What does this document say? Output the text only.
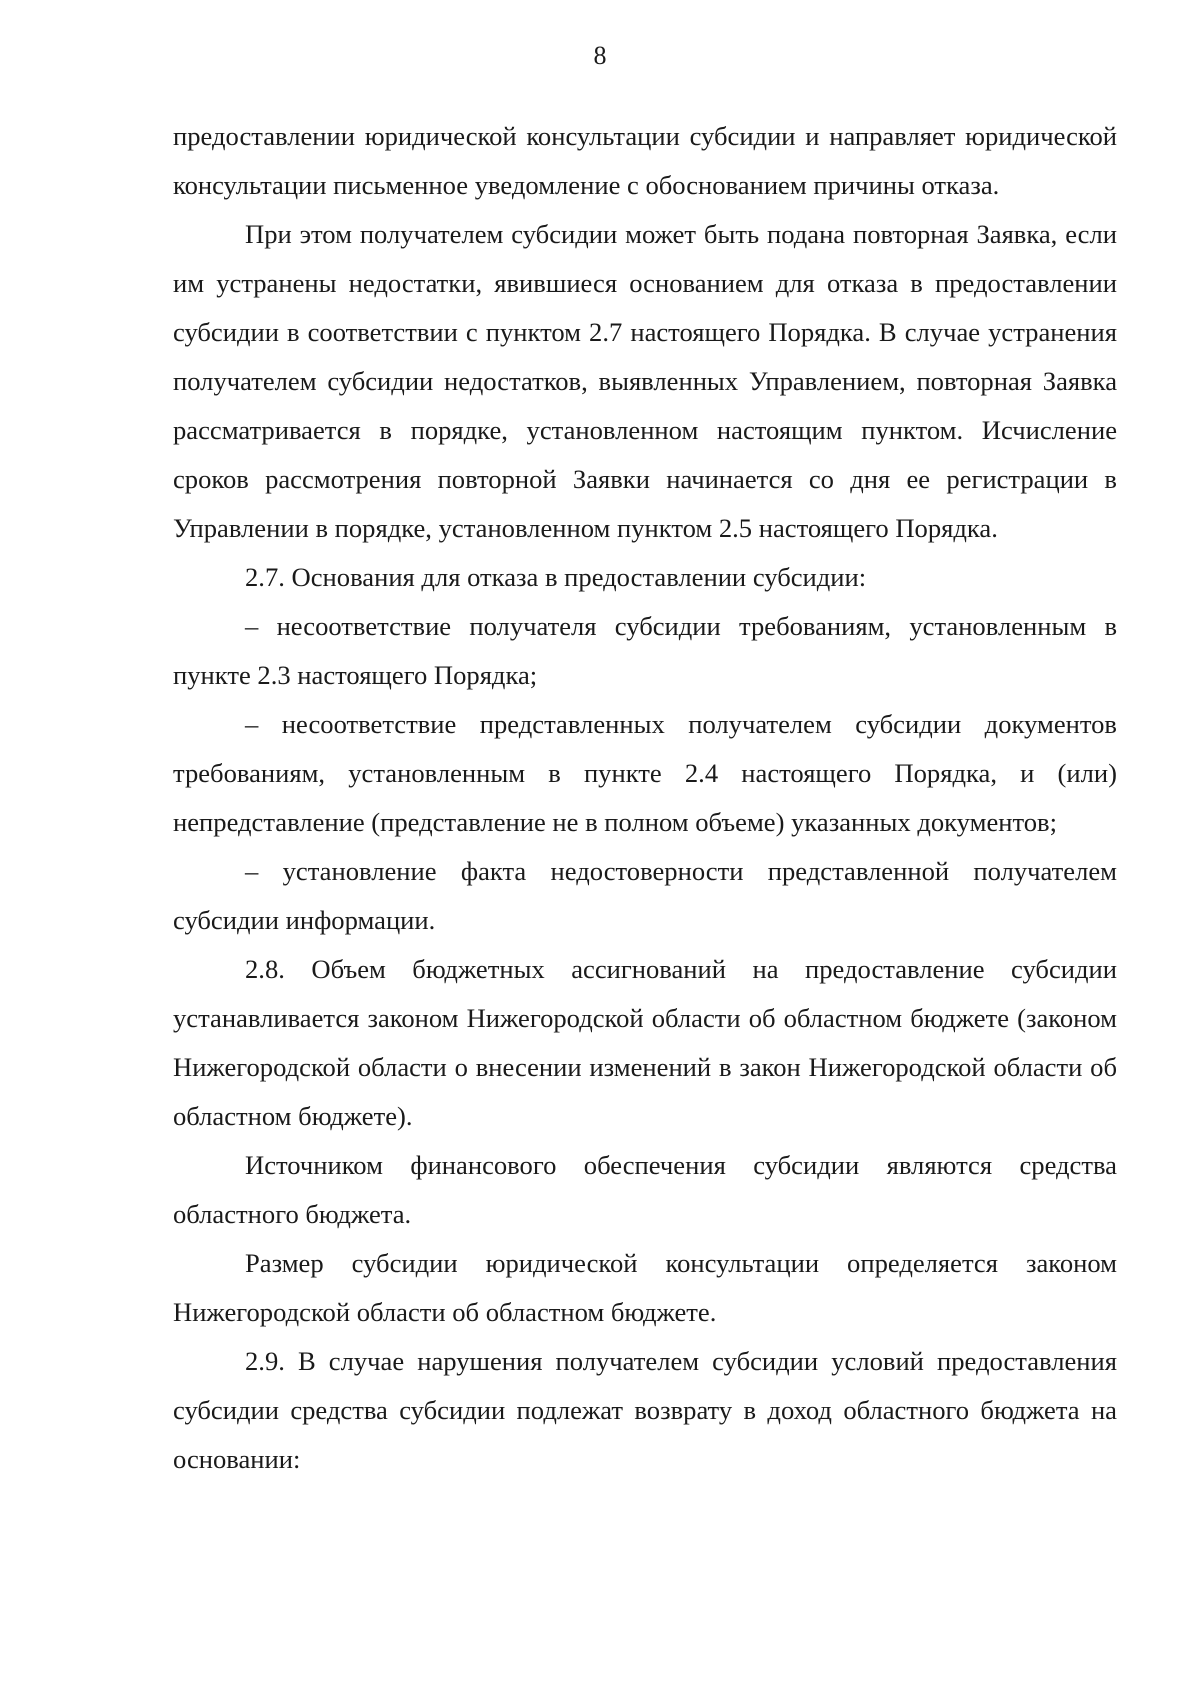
8

предоставлении юридической консультации субсидии и направляет юридической консультации письменное уведомление с обоснованием причины отказа.

При этом получателем субсидии может быть подана повторная Заявка, если им устранены недостатки, явившиеся основанием для отказа в предоставлении субсидии в соответствии с пунктом 2.7 настоящего Порядка. В случае устранения получателем субсидии недостатков, выявленных Управлением, повторная Заявка рассматривается в порядке, установленном настоящим пунктом. Исчисление сроков рассмотрения повторной Заявки начинается со дня ее регистрации в Управлении в порядке, установленном пунктом 2.5 настоящего Порядка.

2.7. Основания для отказа в предоставлении субсидии:

– несоответствие получателя субсидии требованиям, установленным в пункте 2.3 настоящего Порядка;

– несоответствие представленных получателем субсидии документов требованиям, установленным в пункте 2.4 настоящего Порядка, и (или) непредставление (представление не в полном объеме) указанных документов;

– установление факта недостоверности представленной получателем субсидии информации.

2.8. Объем бюджетных ассигнований на предоставление субсидии устанавливается законом Нижегородской области об областном бюджете (законом Нижегородской области о внесении изменений в закон Нижегородской области об областном бюджете).

Источником финансового обеспечения субсидии являются средства областного бюджета.

Размер субсидии юридической консультации определяется законом Нижегородской области об областном бюджете.

2.9. В случае нарушения получателем субсидии условий предоставления субсидии средства субсидии подлежат возврату в доход областного бюджета на основании:
